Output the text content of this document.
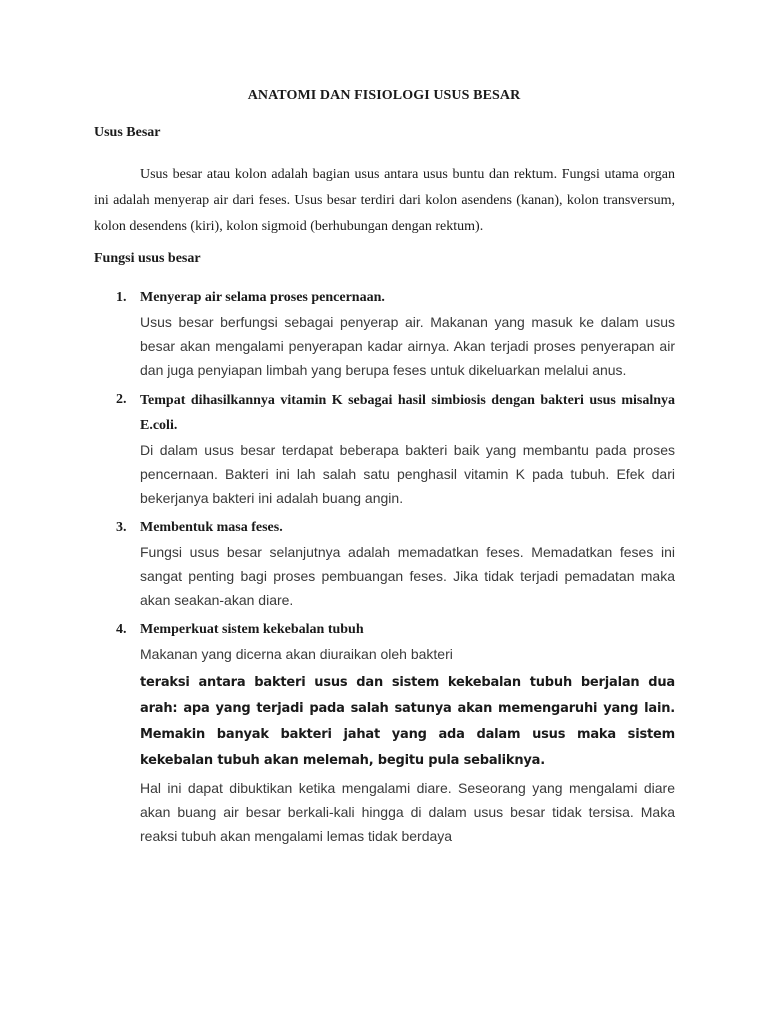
ANATOMI DAN FISIOLOGI USUS BESAR
Usus Besar

Usus besar atau kolon adalah bagian usus antara usus buntu dan rektum. Fungsi utama organ ini adalah menyerap air dari feses. Usus besar terdiri dari kolon asendens (kanan), kolon transversum, kolon desendens (kiri), kolon sigmoid (berhubungan dengan rektum).

Fungsi usus besar
1. Menyerap air selama proses pencernaan.

Usus besar berfungsi sebagai penyerap air. Makanan yang masuk ke dalam usus besar akan mengalami penyerapan kadar airnya. Akan terjadi proses penyerapan air dan juga penyiapan limbah yang berupa feses untuk dikeluarkan melalui anus.

2. Tempat dihasilkannya vitamin K sebagai hasil simbiosis dengan bakteri usus misalnya E.coli.

Di dalam usus besar terdapat beberapa bakteri baik yang membantu pada proses pencernaan. Bakteri ini lah salah satu penghasil vitamin K pada tubuh. Efek dari bekerjanya bakteri ini adalah buang angin.

3. Membentuk masa feses.

Fungsi usus besar selanjutnya adalah memadatkan feses. Memadatkan feses ini sangat penting bagi proses pembuangan feses. Jika tidak terjadi pemadatan maka akan seakan-akan diare.

4. Memperkuat sistem kekebalan tubuh

Makanan yang dicerna akan diuraikan oleh bakteri

teraksi antara bakteri usus dan sistem kekebalan tubuh berjalan dua arah: apa yang terjadi pada salah satunya akan memengaruhi yang lain. Memakin banyak bakteri jahat yang ada dalam usus maka sistem kekebalan tubuh akan melemah, begitu pula sebaliknya.

Hal ini dapat dibuktikan ketika mengalami diare. Seseorang yang mengalami diare akan buang air besar berkali-kali hingga di dalam usus besar tidak tersisa. Maka reaksi tubuh akan mengalami lemas tidak berdaya
